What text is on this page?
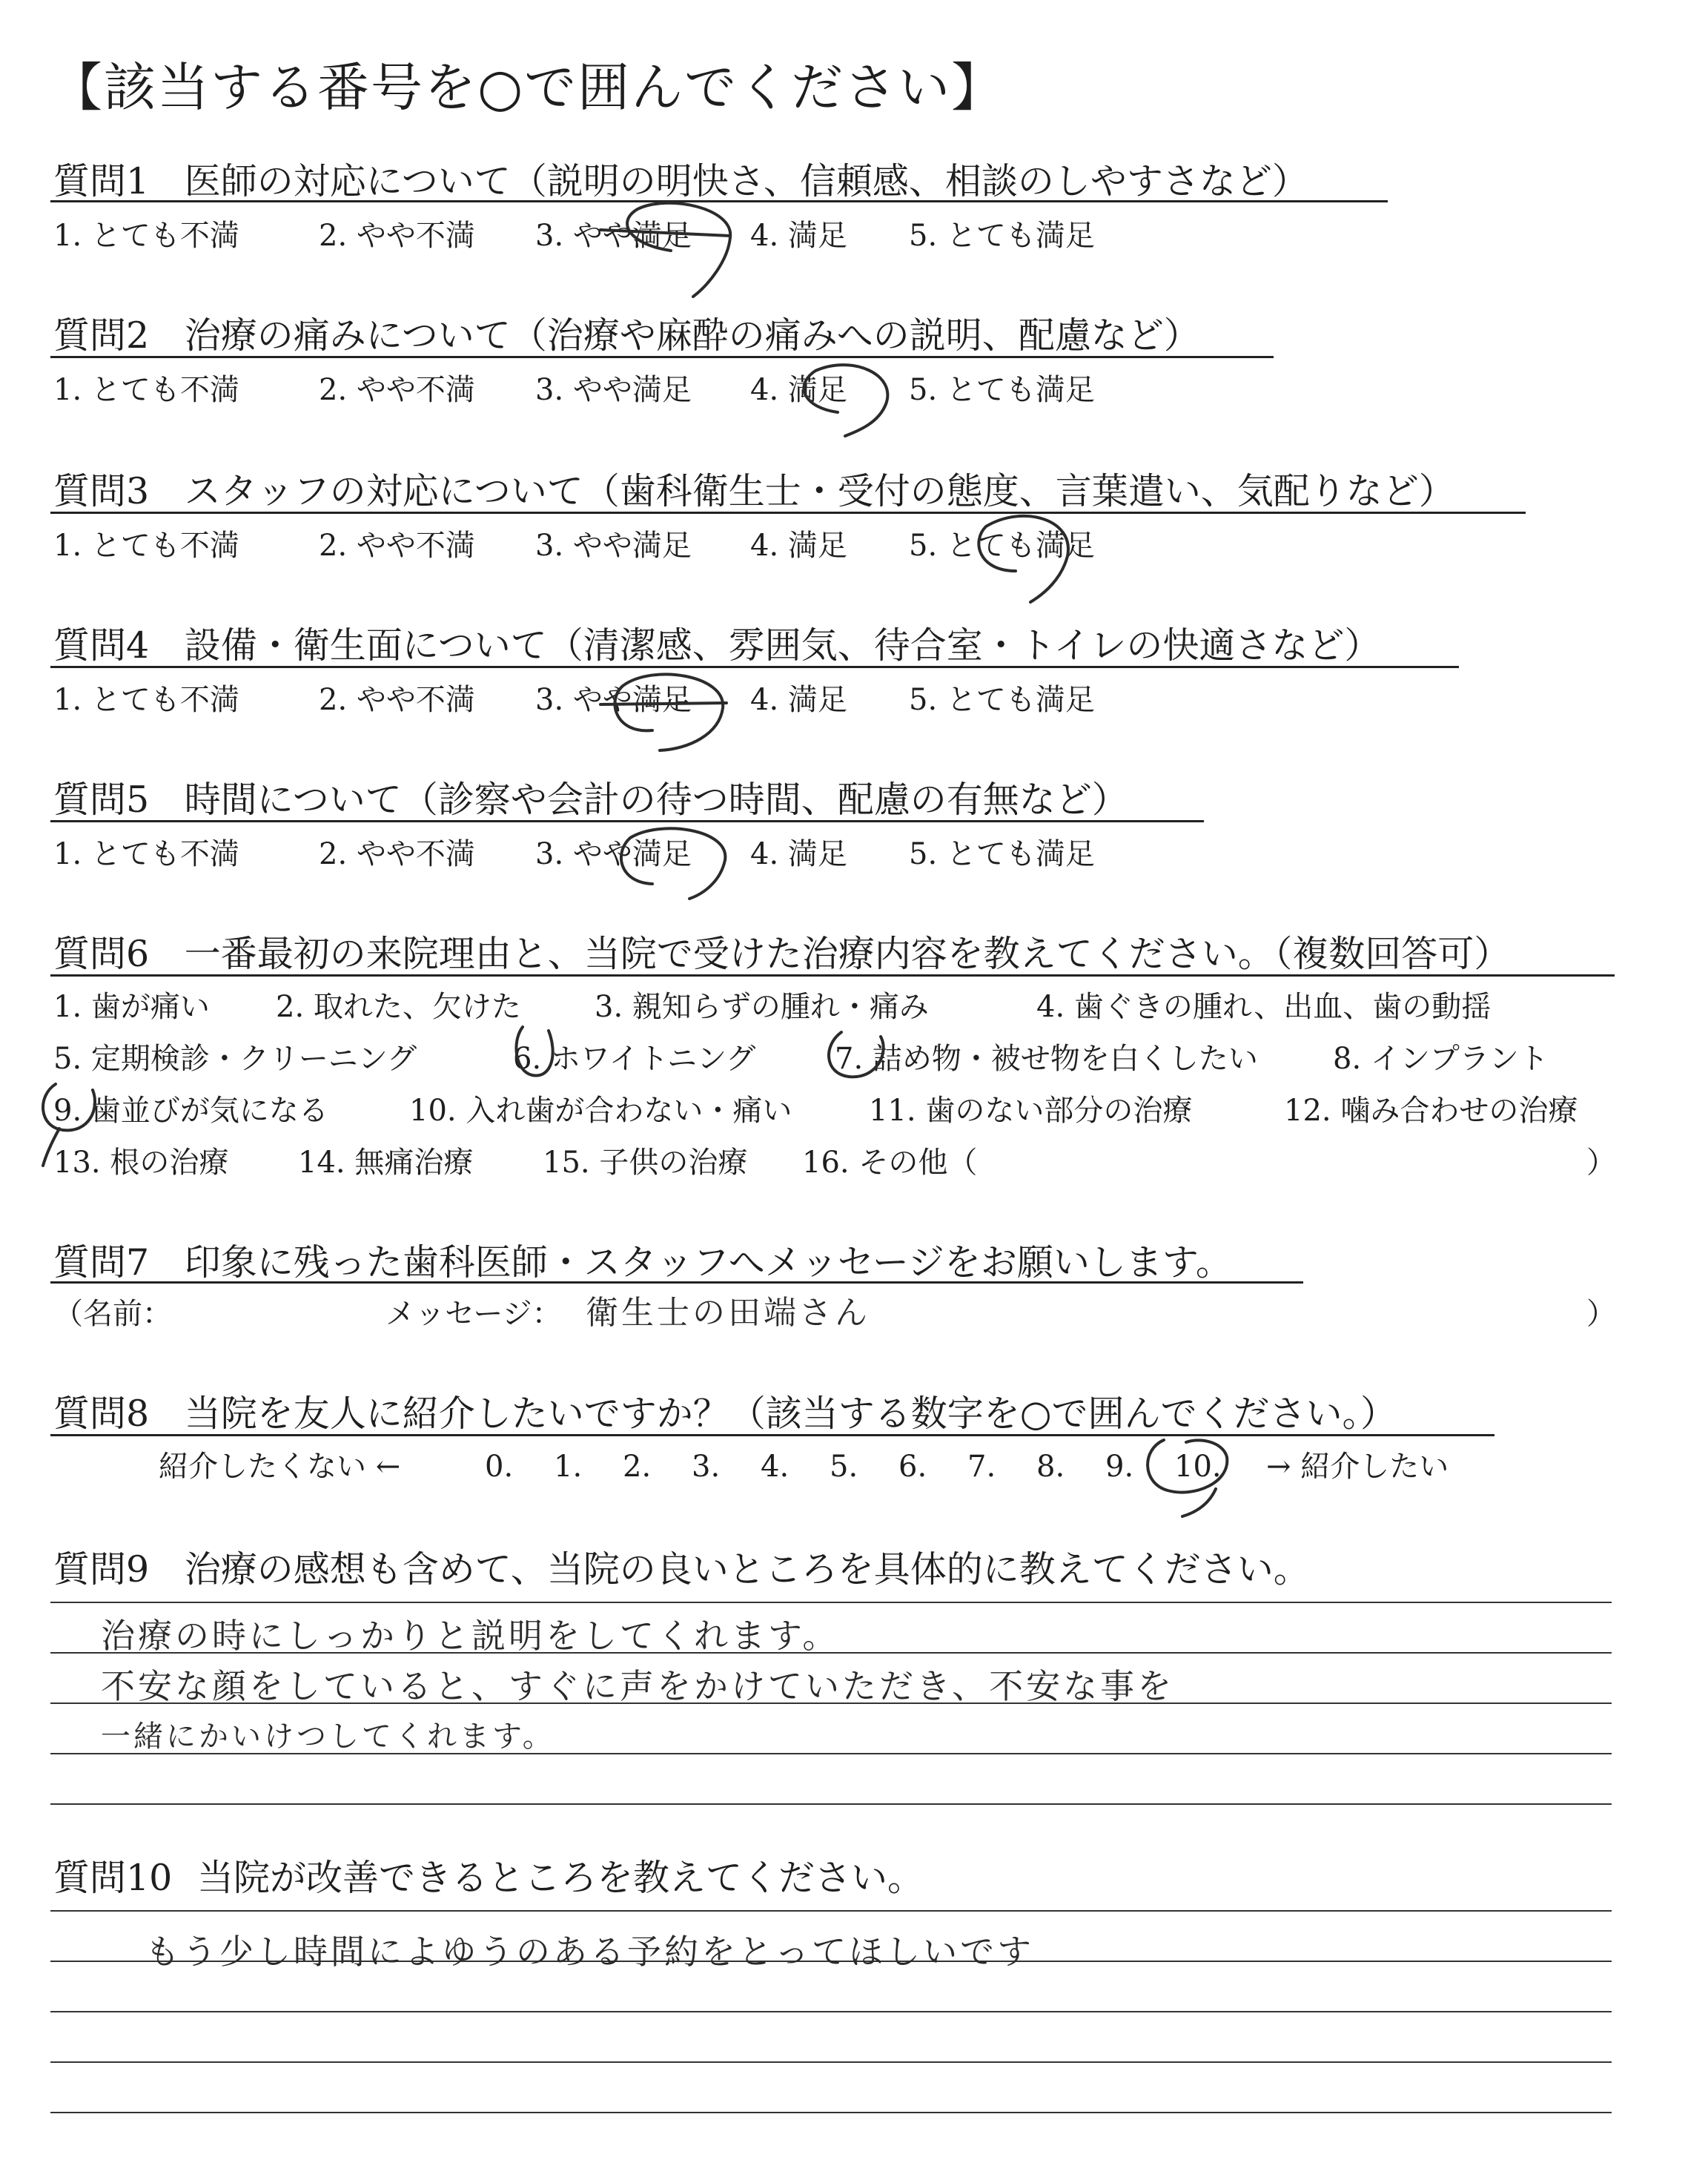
【該当する番号を○で囲んでください】
質問1 医師の対応について（説明の明快さ、信頼感、相談のしやすさなど）
1. とても不満	2. やや不満 3. やや満足 4. 満足 5. とても満足
質問2 治療の痛みについて（治療や麻酔の痛みへの説明、配慮など）
1. とても不満	2. やや不満 3. やや満足 4. 満足 5. とても満足
質問3 スタッフの対応について（歯科衛生士・受付の態度、言葉遣い、気配りなど）
1. とても不満	2. やや不満 3. やや満足 4. 満足 5. とても満足
質問4 設備・衛生面について（清潔感、雰囲気、待合室・トイレの快適さなど）
1. とても不満	2. やや不満 3. やや満足 4. 満足 5. とても満足
質問5 時間について（診察や会計の待つ時間、配慮の有無など）
1. とても不満	2. やや不満 3. やや満足 4. 満足 5. とても満足
質問6 一番最初の来院理由と、当院で受けた治療内容を教えてください。（複数回答可）
1. 歯が痛い 2. 取れた、欠けた 3. 親知らずの腫れ・痛み	4. 歯ぐきの腫れ、出血、歯の動揺
5. 定期検診・クリーニング	6. ホワイトニング	7. 詰め物・被せ物を白くしたい	8. インプラント
9. 歯並びが気になる	10. 入れ歯が合わない・痛い	11. 歯のない部分の治療	12. 噛み合わせの治療
13. 根の治療 14. 無痛治療 15. 子供の治療 16. その他（	）
質問7 印象に残った歯科医師・スタッフへメッセージをお願いします。
（名前：	メッセージ： 衛生士の田端さん	）
質問8 当院を友人に紹介したいですか？（該当する数字を○で囲んでください。）
紹介したくない ←	0. 1. 2. 3. 4. 5. 6. 7. 8. 9. 10. → 紹介したい
質問9 治療の感想も含めて、当院の良いところを具体的に教えてください。
治療の時にしっかりと説明をしてくれます。
不安な顔をしていると、すぐに声をかけていただき、不安な事を
一緒にかいけつしてくれます。
質問10 当院が改善できるところを教えてください。
もう少し時間によゆうのある予約をとってほしいです
